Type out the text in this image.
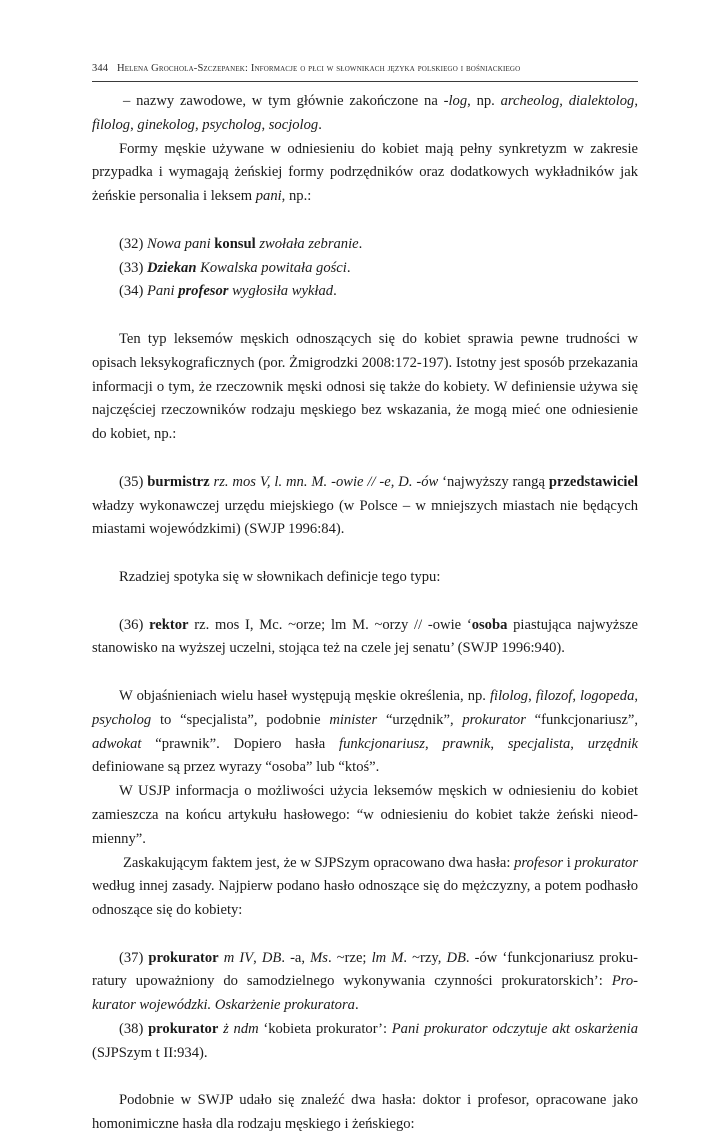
344 Helena Grochola-Szczepanek: Informacje o płci w słownikach języka polskiego i bośniackiego

– nazwy zawodowe, w tym głównie zakończone na -log, np. archeolog, dialektolog, filolog, ginekolog, psycholog, socjolog.

Formy męskie używane w odniesieniu do kobiet mają pełny synkretyzm w zakresie przypadka i wymagają żeńskiej formy podrzędników oraz dodatkowych wykładników jak żeńskie personalia i leksem pani, np.:

(32) Nowa pani konsul zwołała zebranie.

(33) Dziekan Kowalska powitała gości.

(34) Pani profesor wygłosiła wykład.

Ten typ leksemów męskich odnoszących się do kobiet sprawia pewne trudności w opisach leksykograficznych (por. Żmigrodzki 2008:172-197). Istotny jest sposób przekazania informacji o tym, że rzeczownik męski odnosi się także do kobiety. W definiensie używa się najczęściej rzeczowników rodzaju męskiego bez wskazania, że mogą mieć one odniesienie do kobiet, np.:

(35) burmistrz rz. mos V, l. mn. M. -owie // -e, D. -ów ‘najwyższy rangą przedstawiciel władzy wykonawczej urzędu miejskiego (w Polsce – w mniejszych miastach nie będących miastami wojewódzkimi) (SWJP 1996:84).

Rzadziej spotyka się w słownikach definicje tego typu:

(36) rektor rz. mos I, Mc. ~orze; lm M. ~orzy // -owie ‘osoba piastująca najwyższe stanowisko na wyższej uczelni, stojąca też na czele jej senatu’ (SWJP 1996:940).

W objaśnieniach wielu haseł występują męskie określenia, np. filolog, filozof, logopeda, psycholog to “specjalista”, podobnie minister “urzędnik”, prokurator “funkcjonariusz”, adwokat “prawnik”. Dopiero hasła funkcjonariusz, prawnik, specjalista, urzędnik definiowane są przez wyrazy “osoba” lub “ktoś”.

W USJP informacja o możliwości użycia leksemów męskich w odniesieniu do kobiet zamieszcza na końcu artykułu hasłowego: “w odniesieniu do kobiet także żeński nieodmienny”.

Zaskakującym faktem jest, że w SJPSzym opracowano dwa hasła: profesor i prokurator według innej zasady. Najpierw podano hasło odnoszące się do mężczyzny, a potem podhasło odnoszące się do kobiety:

(37) prokurator m IV, DB. -a, Ms. ~rze; lm M. ~rzy, DB. -ów ‘funkcjonariusz prokuratury upoważniony do samodzielnego wykonywania czynności prokuratorskich’: Prokurator wojewódzki. Oskarżenie prokuratora.

(38) prokurator ż ndm ‘kobieta prokurator’: Pani prokurator odczytuje akt oskarżenia (SJPSzym t II:934).

Podobnie w SWJP udało się znaleźć dwa hasła: doktor i profesor, opracowane jako homonimiczne hasła dla rodzaju męskiego i żeńskiego:
